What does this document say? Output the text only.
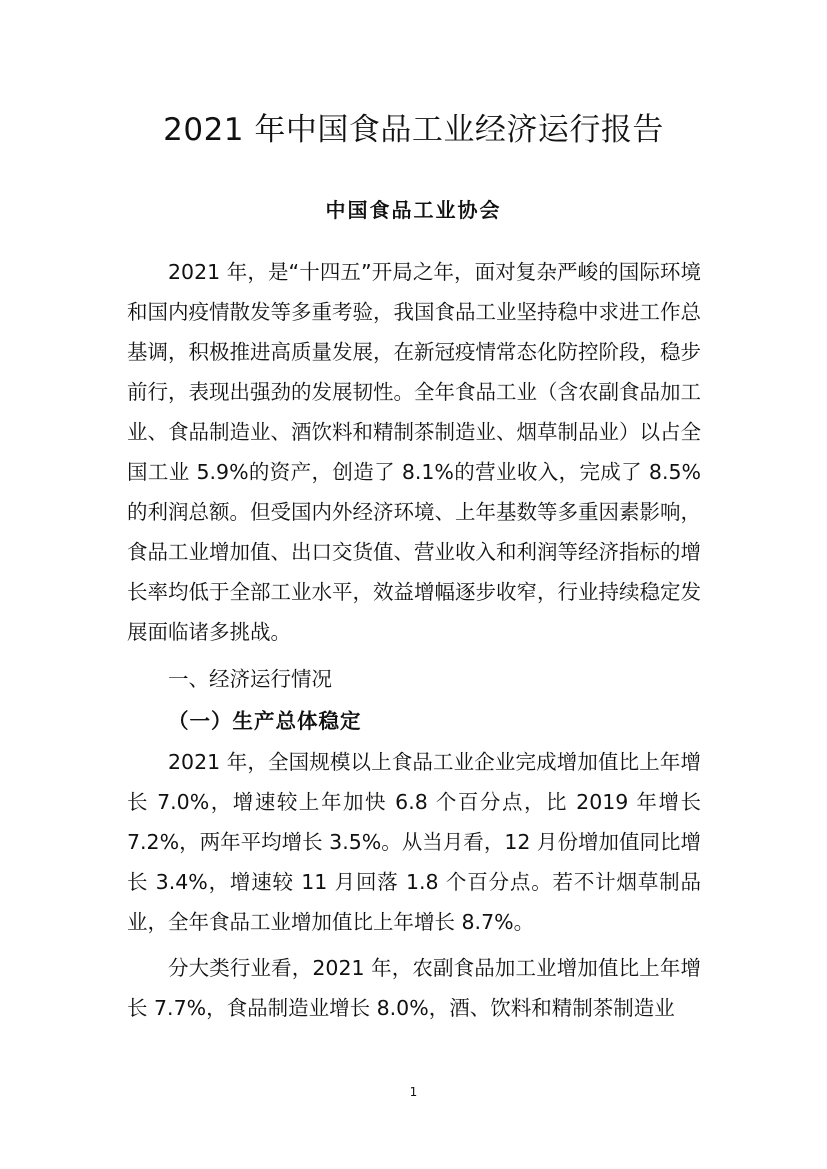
2021 年中国食品工业经济运行报告
中国食品工业协会

2021 年，是“十四五”开局之年，面对复杂严峻的国际环境和国内疫情散发等多重考验，我国食品工业坚持稳中求进工作总基调，积极推进高质量发展，在新冠疫情常态化防控阶段，稳步前行，表现出强劲的发展韧性。全年食品工业（含农副食品加工业、食品制造业、酒饮料和精制茶制造业、烟草制品业）以占全国工业 5.9%的资产，创造了 8.1%的营业收入，完成了 8.5%的利润总额。但受国内外经济环境、上年基数等多重因素影响，食品工业增加值、出口交货值、营业收入和利润等经济指标的增长率均低于全部工业水平，效益增幅逐步收窄，行业持续稳定发展面临诸多挑战。

一、经济运行情况

（一）生产总体稳定

2021 年，全国规模以上食品工业企业完成增加值比上年增长 7.0%，增速较上年加快 6.8 个百分点，比 2019 年增长 7.2%，两年平均增长 3.5%。从当月看，12 月份增加值同比增长 3.4%，增速较 11 月回落 1.8 个百分点。若不计烟草制品业，全年食品工业增加值比上年增长 8.7%。

分大类行业看，2021 年，农副食品加工业增加值比上年增长 7.7%，食品制造业增长 8.0%，酒、饮料和精制茶制造业

1
